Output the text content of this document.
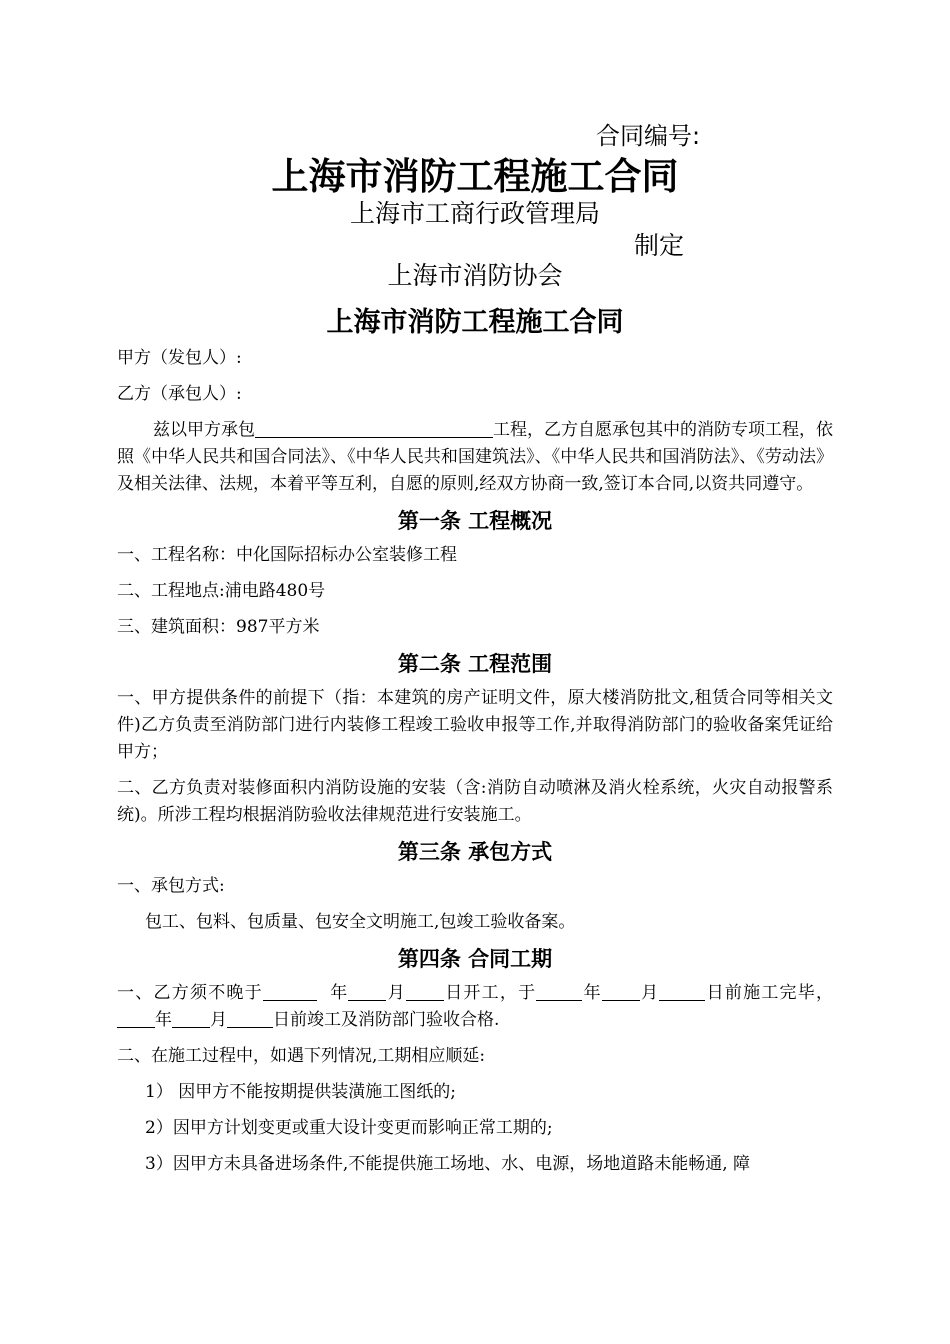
合同编号:
上海市消防工程施工合同
上海市工商行政管理局
制定
上海市消防协会
上海市消防工程施工合同

甲方（发包人）:

乙方（承包人）:

兹以甲方承包	工程，乙方自愿承包其中的消防专项工程，依照《中华人民共和国合同法》、《中华人民共和国建筑法》、《中华人民共和国消防法》、《劳动法》及相关法律、法规，本着平等互利，自愿的原则,经双方协商一致,签订本合同,以资共同遵守。

第一条 工程概况

一、工程名称：中化国际招标办公室装修工程

二、工程地点:浦电路480号

三、建筑面积：987平方米

第二条 工程范围

一、甲方提供条件的前提下（指：本建筑的房产证明文件，原大楼消防批文,租赁合同等相关文件)乙方负责至消防部门进行内装修工程竣工验收申报等工作,并取得消防部门的验收备案凭证给甲方；

二、乙方负责对装修面积内消防设施的安装（含:消防自动喷淋及消火栓系统，火灾自动报警系统)。所涉工程均根据消防验收法律规范进行安装施工。

第三条 承包方式

一、承包方式:

包工、包料、包质量、包安全文明施工,包竣工验收备案。

第四条 合同工期

一、乙方须不晚于	年 月 日开工，于	年 月	日前施工完毕，年 月	日前竣工及消防部门验收合格.

二、在施工过程中，如遇下列情况,工期相应顺延:

1） 因甲方不能按期提供装潢施工图纸的;

2）因甲方计划变更或重大设计变更而影响正常工期的;

3）因甲方未具备进场条件,不能提供施工场地、水、电源，场地道路未能畅通, 障
